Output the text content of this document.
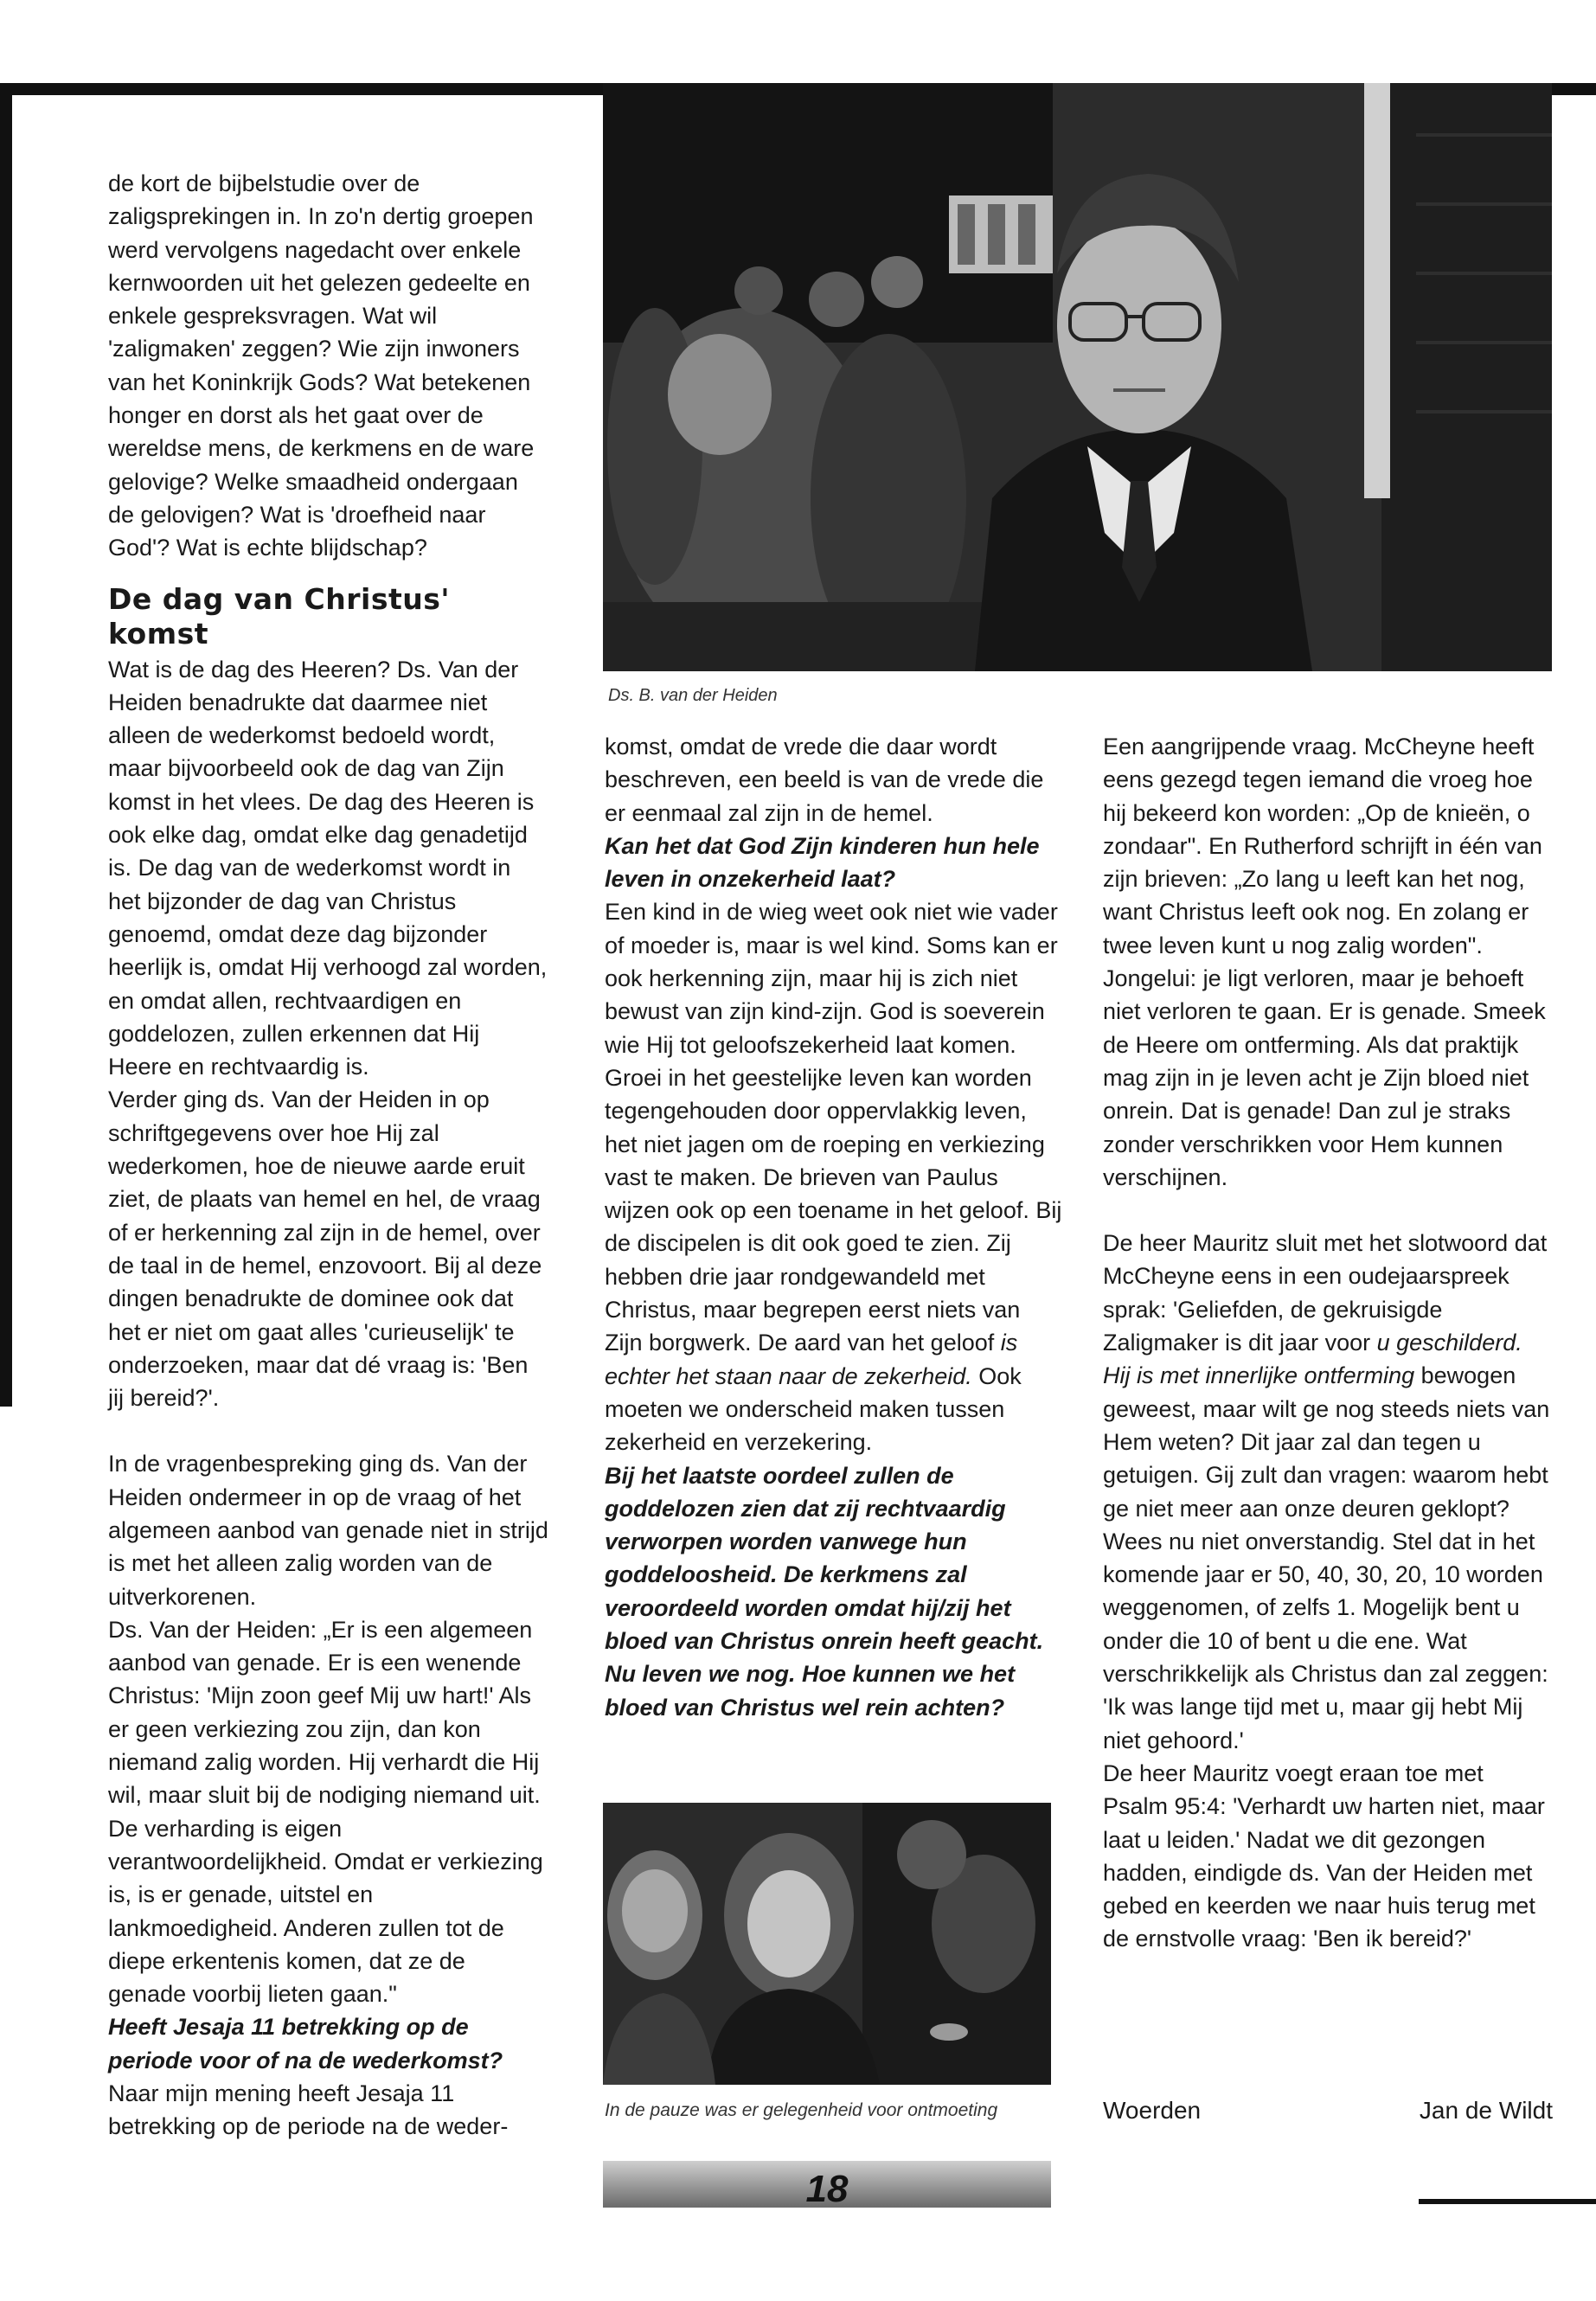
de kort de bijbelstudie over de zaligsprekingen in. In zo'n dertig groepen werd vervolgens nagedacht over enkele kernwoorden uit het gelezen gedeelte en enkele gespreksvragen. Wat wil 'zaligmaken' zeggen? Wie zijn inwoners van het Koninkrijk Gods? Wat betekenen honger en dorst als het gaat over de wereldse mens, de kerkmens en de ware gelovige? Welke smaadheid ondergaan de gelovigen? Wat is 'droefheid naar God'? Wat is echte blijdschap?

De dag van Christus' komst

Wat is de dag des Heeren? Ds. Van der Heiden benadrukte dat daarmee niet alleen de wederkomst bedoeld wordt, maar bijvoorbeeld ook de dag van Zijn komst in het vlees. De dag des Heeren is ook elke dag, omdat elke dag genadetijd is. De dag van de wederkomst wordt in het bijzonder de dag van Christus genoemd, omdat deze dag bijzonder heerlijk is, omdat Hij verhoogd zal worden, en omdat allen, rechtvaardigen en goddelozen, zullen erkennen dat Hij Heere en rechtvaardig is.

Verder ging ds. Van der Heiden in op schriftgegevens over hoe Hij zal wederkomen, hoe de nieuwe aarde eruit ziet, de plaats van hemel en hel, de vraag of er herkenning zal zijn in de hemel, over de taal in de hemel, enzovoort. Bij al deze dingen benadrukte de dominee ook dat het er niet om gaat alles 'curieuselijk' te onderzoeken, maar dat dé vraag is: 'Ben jij bereid?'.

In de vragenbespreking ging ds. Van der Heiden ondermeer in op de vraag of het algemeen aanbod van genade niet in strijd is met het alleen zalig worden van de uitverkorenen.

Ds. Van der Heiden: „Er is een algemeen aanbod van genade. Er is een wenende Christus: 'Mijn zoon geef Mij uw hart!' Als er geen verkiezing zou zijn, dan kon niemand zalig worden. Hij verhardt die Hij wil, maar sluit bij de nodiging niemand uit. De verharding is eigen verantwoordelijkheid. Omdat er verkiezing is, is er genade, uitstel en lankmoedigheid. Anderen zullen tot de diepe erkentenis komen, dat ze de genade voorbij lieten gaan."

Heeft Jesaja 11 betrekking op de periode voor of na de wederkomst?

Naar mijn mening heeft Jesaja 11 betrekking op de periode na de weder-

Ds. B. van der Heiden

komst, omdat de vrede die daar wordt beschreven, een beeld is van de vrede die er eenmaal zal zijn in de hemel.

Kan het dat God Zijn kinderen hun hele leven in onzekerheid laat?

Een kind in de wieg weet ook niet wie vader of moeder is, maar is wel kind. Soms kan er ook herkenning zijn, maar hij is zich niet bewust van zijn kind-zijn. God is soeverein wie Hij tot geloofszekerheid laat komen. Groei in het geestelijke leven kan worden tegengehouden door oppervlakkig leven, het niet jagen om de roeping en verkiezing vast te maken. De brieven van Paulus wijzen ook op een toename in het geloof. Bij de discipelen is dit ook goed te zien. Zij hebben drie jaar rondgewandeld met Christus, maar begrepen eerst niets van Zijn borgwerk. De aard van het geloof is echter het staan naar de zekerheid. Ook moeten we onderscheid maken tussen zekerheid en verzekering.

Bij het laatste oordeel zullen de goddelozen zien dat zij rechtvaardig verworpen worden vanwege hun goddeloosheid. De kerkmens zal veroordeeld worden omdat hij/zij het bloed van Christus onrein heeft geacht. Nu leven we nog. Hoe kunnen we het bloed van Christus wel rein achten?

In de pauze was er gelegenheid voor ontmoeting

Een aangrijpende vraag. McCheyne heeft eens gezegd tegen iemand die vroeg hoe hij bekeerd kon worden: „Op de knieën, o zondaar". En Rutherford schrijft in één van zijn brieven: „Zo lang u leeft kan het nog, want Christus leeft ook nog. En zolang er twee leven kunt u nog zalig worden". Jongelui: je ligt verloren, maar je behoeft niet verloren te gaan. Er is genade. Smeek de Heere om ontferming. Als dat praktijk mag zijn in je leven acht je Zijn bloed niet onrein. Dat is genade! Dan zul je straks zonder verschrikken voor Hem kunnen verschijnen.

De heer Mauritz sluit met het slotwoord dat McCheyne eens in een oudejaarspreek sprak: 'Geliefden, de gekruisigde Zaligmaker is dit jaar voor u geschilderd. Hij is met innerlijke ontferming bewogen geweest, maar wilt ge nog steeds niets van Hem weten? Dit jaar zal dan tegen u getuigen. Gij zult dan vragen: waarom hebt ge niet meer aan onze deuren geklopt? Wees nu niet onverstandig. Stel dat in het komende jaar er 50, 40, 30, 20, 10 worden weggenomen, of zelfs 1. Mogelijk bent u onder die 10 of bent u die ene. Wat verschrikkelijk als Christus dan zal zeggen: 'Ik was lange tijd met u, maar gij hebt Mij niet gehoord.'

De heer Mauritz voegt eraan toe met Psalm 95:4: 'Verhardt uw harten niet, maar laat u leiden.' Nadat we dit gezongen hadden, eindigde ds. Van der Heiden met gebed en keerden we naar huis terug met de ernstvolle vraag: 'Ben ik bereid?'

Woerden	Jan de Wildt
18
